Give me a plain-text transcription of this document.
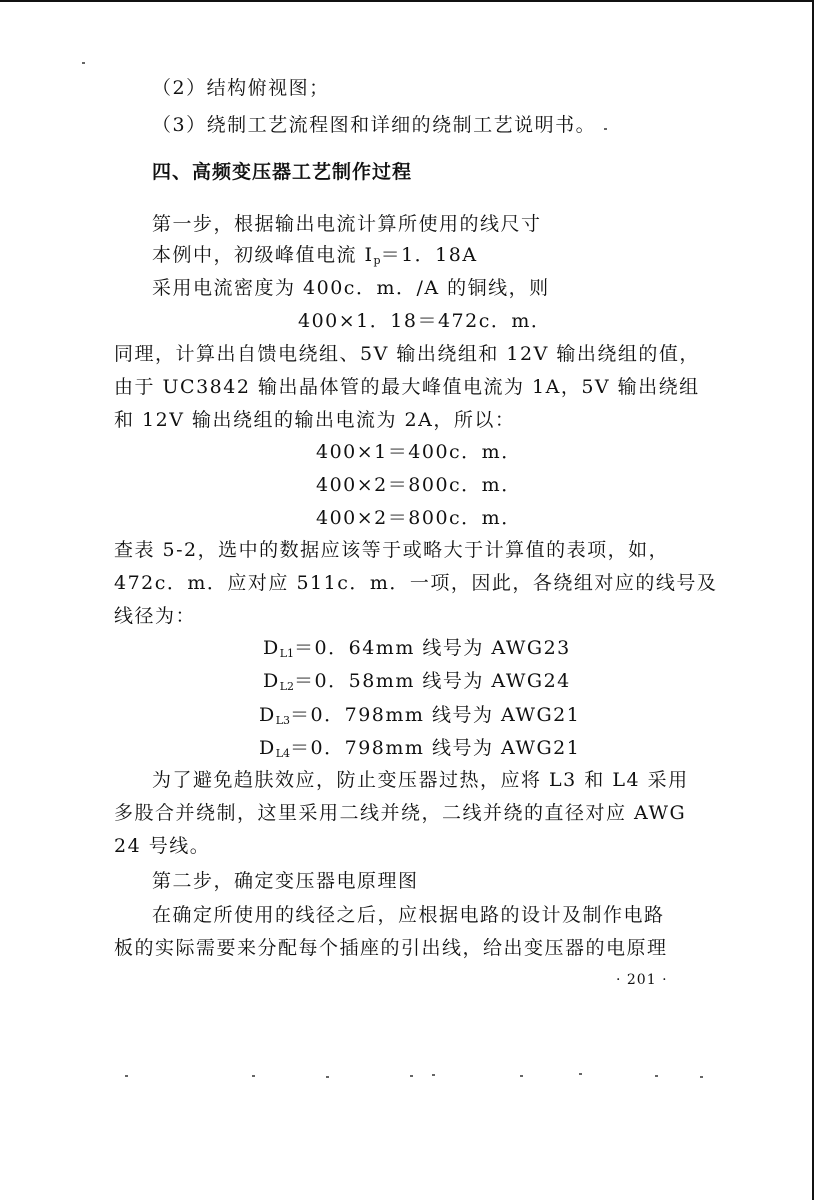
（2）结构俯视图；
（3）绕制工艺流程图和详细的绕制工艺说明书。
四、高频变压器工艺制作过程
第一步，根据输出电流计算所使用的线尺寸
本例中，初级峰值电流 $I_p=1$．18A
采用电流密度为 400c．m．/A 的铜线，则
400×1．18＝472c．m．
同理，计算出自馈电绕组、5V 输出绕组和 12V 输出绕组的值，
由于 UC3842 输出晶体管的最大峰值电流为 1A，5V 输出绕组
和 12V 输出绕组的输出电流为 2A，所以：
400×1＝400c．m．
400×2＝800c．m．
400×2＝800c．m．
查表 5-2，选中的数据应该等于或略大于计算值的表项，如，
472c．m．应对应 511c．m．一项，因此，各绕组对应的线号及
线径为：
$D_{L1}=0$．64mm 线号为 AWG23
$D_{L2}=0$．58mm 线号为 AWG24
$D_{L3}=0$．798mm 线号为 AWG21
$D_{L4}=0$．798mm 线号为 AWG21
为了避免趋肤效应，防止变压器过热，应将 L3 和 L4 采用
多股合并绕制，这里采用二线并绕，二线并绕的直径对应 AWG
24 号线。
第二步，确定变压器电原理图
在确定所使用的线径之后，应根据电路的设计及制作电路
板的实际需要来分配每个插座的引出线，给出变压器的电原理
· 201 ·
